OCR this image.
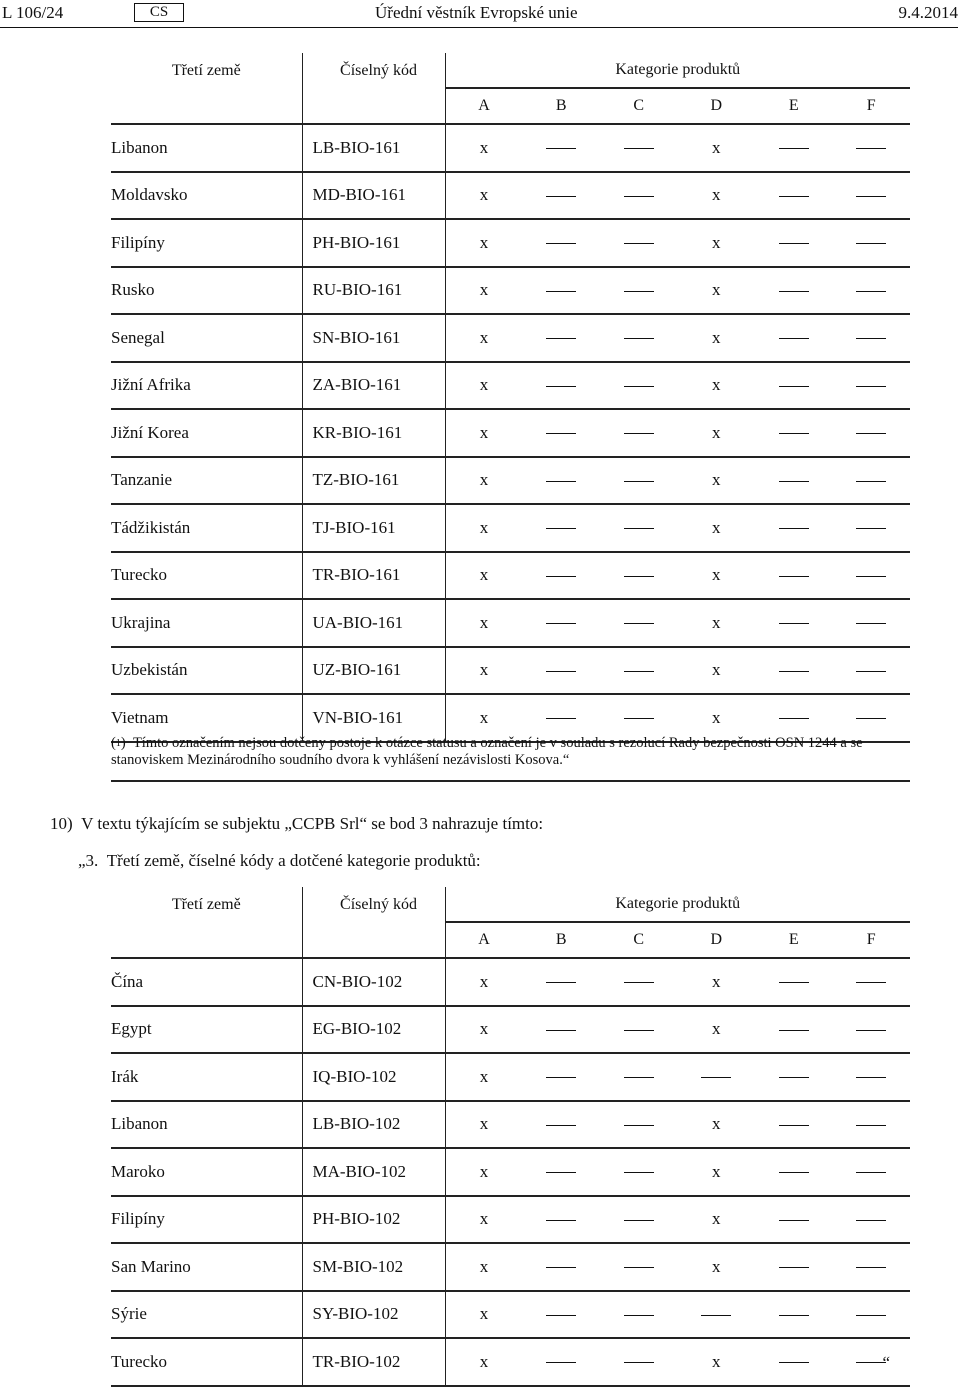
L 106/24	CS	Úřední věstník Evropské unie	9.4.2014
Třetí země	Číselný kód	Kategorie produktů					
		A	B	C	D	E	F
Libanon	LB-BIO-161	x			x		
Moldavsko	MD-BIO-161	x			x		
Filipíny	PH-BIO-161	x			x		
Rusko	RU-BIO-161	x			x		
Senegal	SN-BIO-161	x			x		
Jižní Afrika	ZA-BIO-161	x			x		
Jižní Korea	KR-BIO-161	x			x		
Tanzanie	TZ-BIO-161	x			x		
Tádžikistán	TJ-BIO-161	x			x		
Turecko	TR-BIO-161	x			x		
Ukrajina	UA-BIO-161	x			x		
Uzbekistán	UZ-BIO-161	x			x		
Vietnam	VN-BIO-161	x			x		
($^1$)  Tímto označením nejsou dotčeny postoje k otázce statusu a označení je v souladu s rezolucí Rady bezpečnosti OSN 1244 a se stanoviskem Mezinárodního soudního dvora k vyhlášení nezávislosti Kosova.“
10)  V textu týkajícím se subjektu „CCPB Srl“ se bod 3 nahrazuje tímto:
„3.  Třetí země, číselné kódy a dotčené kategorie produktů:
Třetí země	Číselný kód	Kategorie produktů					
		A	B	C	D	E	F
Čína	CN-BIO-102	x			x		
Egypt	EG-BIO-102	x			x		
Irák	IQ-BIO-102	x					
Libanon	LB-BIO-102	x			x		
Maroko	MA-BIO-102	x			x		
Filipíny	PH-BIO-102	x			x		
San Marino	SM-BIO-102	x			x		
Sýrie	SY-BIO-102	x					
Turecko	TR-BIO-102	x			x		“
